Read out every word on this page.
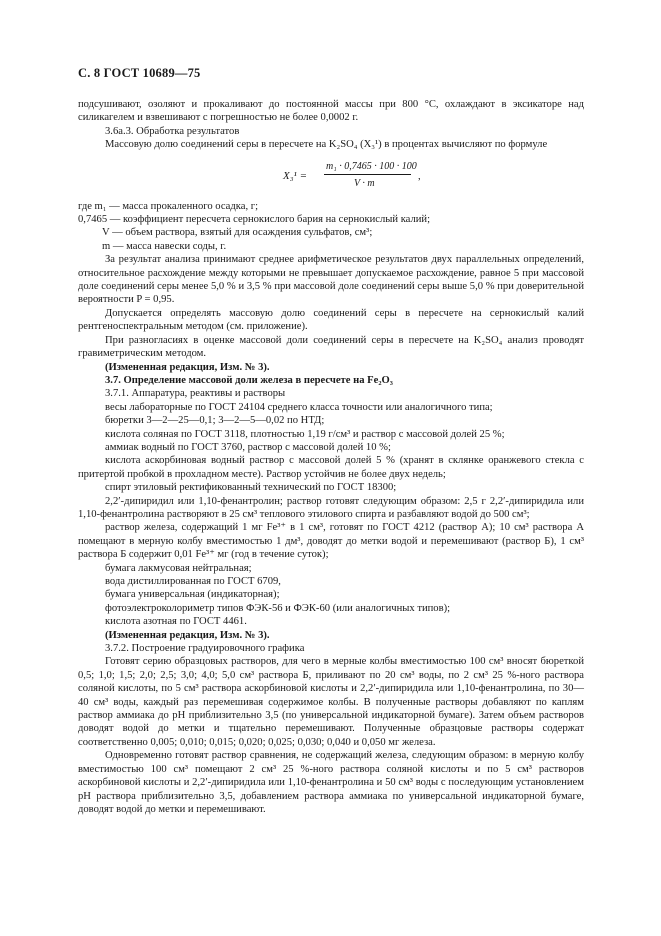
С. 8 ГОСТ 10689—75

подсушивают, озоляют и прокаливают до постоянной массы при 800 °С, охлаждают в эксикаторе над силикагелем и взвешивают с погрешностью не более 0,0002 г.

3.6а.3. Обработка результатов

Массовую долю соединений серы в пересчете на K₂SO₄ (X₃¹) в процентах вычисляют по формуле

X₃¹ =
m₁ · 0,7465 · 100 · 100
V · m
,

где m₁ — масса прокаленного осадка, г;

0,7465 — коэффициент пересчета сернокислого бария на сернокислый калий;

V — объем раствора, взятый для осаждения сульфатов, см³;

m — масса навески соды, г.

За результат анализа принимают среднее арифметическое результатов двух параллельных определений, относительное расхождение между которыми не превышает допускаемое расхождение, равное 5 при массовой доле соединений серы менее 5,0 % и 3,5 % при массовой доле соединений серы выше 5,0 % при доверительной вероятности P = 0,95.

Допускается определять массовую долю соединений серы в пересчете на сернокислый калий рентгеноспектральным методом (см. приложение).

При разногласиях в оценке массовой доли соединений серы в пересчете на K₂SO₄ анализ проводят гравиметрическим методом.

(Измененная редакция, Изм. № 3).

3.7. Определение массовой доли железа в пересчете на Fe₂O₃

3.7.1. Аппаратура, реактивы и растворы

весы лабораторные по ГОСТ 24104 среднего класса точности или аналогичного типа;

бюретки 3—2—25—0,1; 3—2—5—0,02 по НТД;

кислота соляная по ГОСТ 3118, плотностью 1,19 г/см³ и раствор с массовой долей 25 %;

аммиак водный по ГОСТ 3760, раствор с массовой долей 10 %;

кислота аскорбиновая водный раствор с массовой долей 5 % (хранят в склянке оранжевого стекла с притертой пробкой в прохладном месте). Раствор устойчив не более двух недель;

спирт этиловый ректификованный технический по ГОСТ 18300;

2,2′-дипиридил или 1,10-фенантролин; раствор готовят следующим образом: 2,5 г 2,2′-дипиридила или 1,10-фенантролина растворяют в 25 см³ теплового этилового спирта и разбавляют водой до 500 см³;

раствор железа, содержащий 1 мг Fe³⁺ в 1 см³, готовят по ГОСТ 4212 (раствор А); 10 см³ раствора А помещают в мерную колбу вместимостью 1 дм³, доводят до метки водой и перемешивают (раствор Б), 1 см³ раствора Б содержит 0,01 Fe³⁺ мг (год в течение суток);

бумага лакмусовая нейтральная;

вода дистиллированная по ГОСТ 6709,

бумага универсальная (индикаторная);

фотоэлектроколориметр типов ФЭК-56 и ФЭК-60 (или аналогичных типов);

кислота азотная по ГОСТ 4461.

(Измененная редакция, Изм. № 3).

3.7.2. Построение градуировочного графика

Готовят серию образцовых растворов, для чего в мерные колбы вместимостью 100 см³ вносят бюреткой 0,5; 1,0; 1,5; 2,0; 2,5; 3,0; 4,0; 5,0 см³ раствора Б, приливают по 20 см³ воды, по 2 см³ 25 %-ного раствора соляной кислоты, по 5 см³ раствора аскорбиновой кислоты и 2,2′-дипиридила или 1,10-фенантролина, по 30—40 см³ воды, каждый раз перемешивая содержимое колбы. В полученные растворы добавляют по каплям раствор аммиака до pH приблизительно 3,5 (по универсальной индикаторной бумаге). Затем объем растворов доводят водой до метки и тщательно перемешивают. Полученные образцовые растворы содержат соответственно 0,005; 0,010; 0,015; 0,020; 0,025; 0,030; 0,040 и 0,050 мг железа.

Одновременно готовят раствор сравнения, не содержащий железа, следующим образом: в мерную колбу вместимостью 100 см³ помещают 2 см³ 25 %-ного раствора соляной кислоты и по 5 см³ растворов аскорбиновой кислоты и 2,2′-дипиридила или 1,10-фенантролина и 50 см³ воды с последующим установлением pH раствора приблизительно 3,5, добавлением раствора аммиака по универсальной индикаторной бумаге, доводят водой до метки и перемешивают.
